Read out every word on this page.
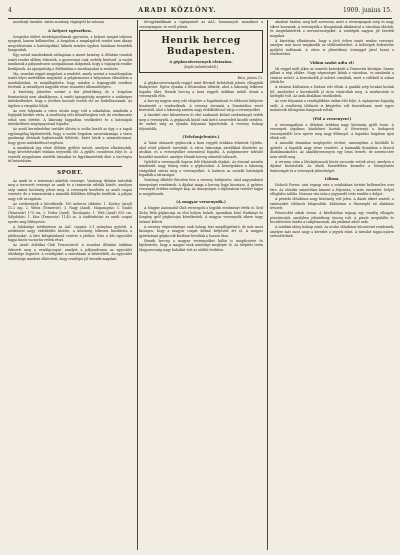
4	ARADI KÖZLÖNY.	1909. junius 15.

mozdonyt üzembe. Aztán mozdony vágánytól ke zatosan.

A helyzet egészében.

Szegeden többet rövidségszólásnak gyorsulva, a helyzet megint teljesen nyugvat, hanem kellemetlen. A forgalom a megalapított rendet nem akarja megváltoztatni a hatóságokkal, kiknek minden ügyben hatalmas beszédek hangzottak.

Egy szóval mindenkinek utólagosan a menet kemény. A délutáni vonatok ismét rendes időben érkeztek, a gyorsvonat csak csekély késéssel. A vasúti munkások a pályaudvaron szorgalmasan dolgoztak, hogy a vágányok rendbe kerüljenek. Az igazgatóság a fűtőházban a mozdonyokat is rendezte.

Ma, szombat reggel megjelent a rendelet, amely szerint a vonatforgalom ismét teljes mértékben megindul. A polgármester a helyszínen ellenőrizte a munkálatokat, és megállapította, hogy minden a legnagyobb rendben történik. A személyzet nagyobb része visszatért állomáshelyére.

A bizottság jelentése szerint a kár jelentékeny, de a forgalom fenntartását nem akadályozza. A vasúti igazgatóság megtette a szükséges intézkedéseket, hogy a jövőben hasonló esetek elő ne fordulhassanak. Az ügyben a vizsgálat folyik.

Az este folyamán a város utcáin nagy volt a sokadalom, mindenki a legújabb híreket várta. A rendőrség erős készültségben volt, de rendzavarás sehol sem történt. A lakosság higgadtan viselkedett és a hatóságok intézkedéseit megnyugvással fogadta.

Az aradi kereskedelmi testület ülésén is szóba került az ügy, s a tagok egyhangúlag kijelentették, hogy a vasúti forgalom zavartalansága a város gazdasági életének legfontosabb feltétele. Ezért kérik a minisztériumot, hogy gyors intézkedéssel segítsen.

A munkások egy része délután gyűlést tartott, amelyen elhatározták, hogy követeléseiket írásban terjesztik elő. A gyűlés csendesen folyt le. A vezetők nyugalomra intették társaikat és figyelmeztették őket a törvényes út betartására.

SPORT.

Az aradi és a temesvári ankétek versenye. Vasárnap délután tartották meg a tervezett versenyt az aradi és a temesvári atléták között, amelyen szép számú közönség jelent meg. A versenyek kezdetén az aradi csapat vezetett, de a temesváriak a második félidőben fölénybe kerültek. A pályán nagy volt az izgalom.

Az eredmények a következők: 100 méteres síkfutás: 1. Kovács (Arad) 11.2 mp, 2. Weisz (Temesvár), 3. Nagy (Arad). Magasugrás: 1. Szabó (Temesvár) 170 cm, 2. Fodor (Arad). Távolugrás: 1. Tóth (Arad) 620 cm. Súlydobás: 1. Kiss (Temesvár) 11.40 m. A stafétafutást az aradi csapat nyerte meg fölényesen.

A labdarúgó mérkőzésen az AAC csapata 3:1 arányban győzött. A mérkőzést nagy érdeklődés kísérte, a közönség lelkesen buzdította a játékosokat. A bíró kifogástalanul vezette a játékot. Este a két egyesület tagjai közös vacsorán vettek részt.

Az Aradi Atlétikai Club Temesvárról. A szombat délutáni órákban érkezett meg a vendégcsapat, amelyet a pályaudvaron az egyesület elnöksége fogadott. A vendégeket a városházán is üdvözölték. Az egyesület vezetősége mindent elkövetett, hogy vendégei jól érezzék magukat.

tévegyházfáknak a cigányzenét az AAC. huszonnyolc muzsikust a versenynapon, és erről jelenti.

Henrik herceg Budapesten.
A gépkocsiversenyek elutazása.
(Saját tudósítónktól.)
Bécs, június 15.

A gépkocsiversenyzők reggel, mint Bécsnél befutottak jelenti, elhagyták Budapestet. Egész éjszaka a fővárosban időztek, ahol a lakosság lelkesen fogadta őket. Henrik herceg a kora reggeli órákban indult útnak a versenyzők élén.

A herceg nagyon meg volt elégedve a fogadtatással és többször kifejezte köszönetét a rendezőknek. A verseny útvonala a Dunántúlon vezet keresztül, ahol a lakosság szintén nagy érdeklődéssel várja a versenyzőket.

A tizenkét ezer kilométeres út első szakaszát kitűnő eredménnyel tették meg a versenyzők. A gépkocsik közül csak kettő szenvedett kisebb sérülést, de ezeket még az éjszaka folyamán kijavították. A verseny holnap folytatódik.

(Telefonjelentés.)

A Tatán átutazott gépkocsik a kora reggeli órákban érkeztek Győrbe, ahol rövid pihenőt tartottak. A város lakossága zászlókkal díszítette az utcákat, és a versenyzőket zeneszóval fogadta. A polgármester üdvözlő beszédet mondott, amelyre Henrik herceg németül válaszolt.

Győrből a versenyzők Sopron felé folytatták útjukat. Az útvonal mentén mindenütt nagy tömeg várta a gépkocsikat. A községekben a lakosság virágokkal szórta meg a versenyzőket. A határon az osztrák hatóságok fogadták a társaságot.

Vasárnap délelőtt Bécsben lesz a verseny befejezése, ahol nagyszabású ünnepséget rendeznek. A díjakat maga a herceg fogja kiosztani. A győztes versenyző értékes serleget kap. Az ünnepségen a diplomáciai testület tagjai is megjelennek.

(A magyar versenyzők.)

A Magyar Automobil Club versenyzői a legjobb eredményt érték el. Gróf Zichy Béla gépkocsija az első helyen haladt, nyomában báró Harkányi és Szapáry gróf gépkocsijai következtek. A magyar versenyzők sikere nagy örömet keltett.

A verseny végeredménye csak holnap lesz megállapítható, de már most bizonyos, hogy a magyar csapat kitűnő helyezést ért el. A magyar gyártmányú gépkocsik kiválóan beváltak a hosszú úton.

Henrik herceg a magyar versenyzőket külön is megdicsérte és kijelentette, hogy a magyar utak minősége meglepte őt. Az útépítés terén Magyarország nagy haladást tett az utóbbi években.

akadozó hatású, meg kell szervezni, mert a versenynapok szép és nagy sikert hozzanak. A versenyzők a látogatásuk alkalmával a városban időztek, és megtekintették a nevezetességeket. A vendégek nagyon jól érezték magukat.

A bizottság elhatározta, hogy a jövő évben ismét rendez versenyt, amelyre már most megkezdik az előkészületeket. A költségek fedezésére gyűjtést indítanak. A város is jelentékeny összeggel járul hozzá a rendezéshez.

Vidám szabó adta el!

Mi reggel múlt jókor az ismerős kereskedő a Temesvári körútján. Szeme pillant a régi időkre. Nagy népességet láttak a városban, és mindenki a vásárra sietett. A kereskedők jó üzletet csináltak, mert a vidékről is sokan jöttek be.

A vásáron különösen a lóvásár volt élénk. A gazdák szép lovakat hoztak fel, amelyeket a kereskedők jó áron vásároltak meg. A marhavásár is kielégítő volt. Az árak általában emelkedtek.

Az este folyamán a vendéglőkben vidám élet folyt. A cigányzene hajnalig szólt. A rendőrség többször is kénytelen volt beavatkozni, mert egyes mulatozók túlságosan hangosak voltak.

(Fül a versenyen!)

A versenypályán a délutáni órákban nagy közönség gyűlt össze. A versenyek izgalmas küzdelmet hoztak. A főversenyt a budapesti versenyistálló lova nyerte meg nagy fölénnyel. A fogadási forgalom igen élénk volt.

A második futamban meglepetés történt, amennyiben a kívülálló ló győzött. A fogadók nagy része veszített. A harmadik futamban a favorit diadalmaskodott. Az akadályversenyen egy lovas leesett, de szerencsére nem sérült meg.

A verseny után a lótulajdonosok közös vacsorán vettek részt, amelyen a díjakat kiosztották. Az elnök beszédében kiemelte a lótenyésztés fontosságát és a versenyek jelentőségét.

Liliom.

Hoboch Ferenc urat tegnap este a színházban történt kellemetlen eset érte. Az előadás szünetében kiment a folyosóra, s mire visszatért, helyét elfoglalva találta. Hosszas vita után a jegyszedő tette rendbe a dolgot.

A pénteki előadáson nagy közönség volt jelen. A darab sikert aratott, a színészeket többször kitapsolták. Különösen a főszereplő nő alakítása tetszett.

Pénzecskét adtak vissza. A kávéházban tegnap egy vendég elhagyta pénztárcáját, amelyben jelentékeny összeg volt. A pincér megtalálta és becsületesen átadta a tulajdonosnak, aki jutalmat adott neki.

A színházi idény holnap zárul. Az utolsó előadáson búcsúestet rendeznek, amelyre már most nagy a kereslet a jegyek iránt. A társulat tagjai nyárra szétszélednek.
